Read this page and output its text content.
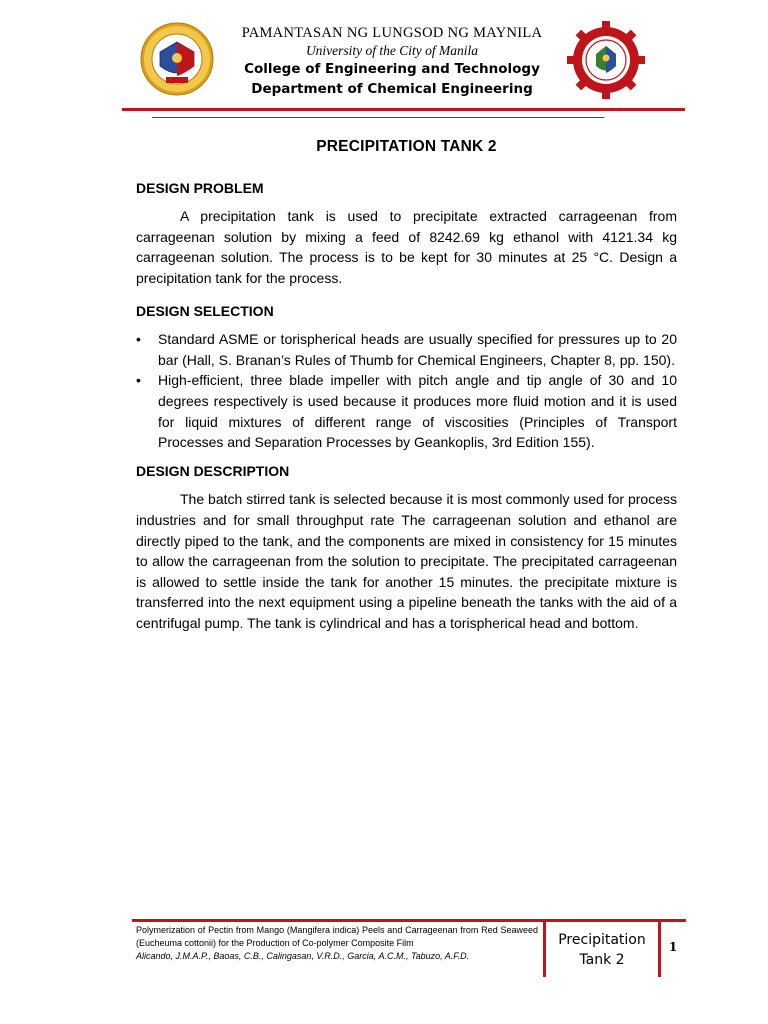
PAMANTASAN NG LUNGSOD NG MAYNILA

University of the City of Manila

College of Engineering and Technology

Department of Chemical Engineering

PRECIPITATION TANK 2
DESIGN PROBLEM

A precipitation tank is used to precipitate extracted carrageenan from carrageenan solution by mixing a feed of 8242.69 kg ethanol with 4121.34 kg carrageenan solution. The process is to be kept for 30 minutes at 25 °C. Design a precipitation tank for the process.

DESIGN SELECTION
• Standard ASME or torispherical heads are usually specified for pressures up to 20 bar (Hall, S. Branan’s Rules of Thumb for Chemical Engineers, Chapter 8, pp. 150).
• High-efficient, three blade impeller with pitch angle and tip angle of 30 and 10 degrees respectively is used because it produces more fluid motion and it is used for liquid mixtures of different range of viscosities (Principles of Transport Processes and Separation Processes by Geankoplis, 3rd Edition 155).
DESIGN DESCRIPTION

The batch stirred tank is selected because it is most commonly used for process industries and for small throughput rate The carrageenan solution and ethanol are directly piped to the tank, and the components are mixed in consistency for 15 minutes to allow the carrageenan from the solution to precipitate. The precipitated carrageenan is allowed to settle inside the tank for another 15 minutes. the precipitate mixture is transferred into the next equipment using a pipeline beneath the tanks with the aid of a centrifugal pump. The tank is cylindrical and has a torispherical head and bottom.

Polymerization of Pectin from Mango (Mangifera indica) Peels and Carrageenan from Red Seaweed (Eucheuma cottonii) for the Production of Co-polymer Composite Film
Alicando, J.M.A.P., Baoas, C.B., Calingasan, V.R.D., Garcia, A.C.M., Tabuzo, A.F.D.
Precipitation Tank 2
1
